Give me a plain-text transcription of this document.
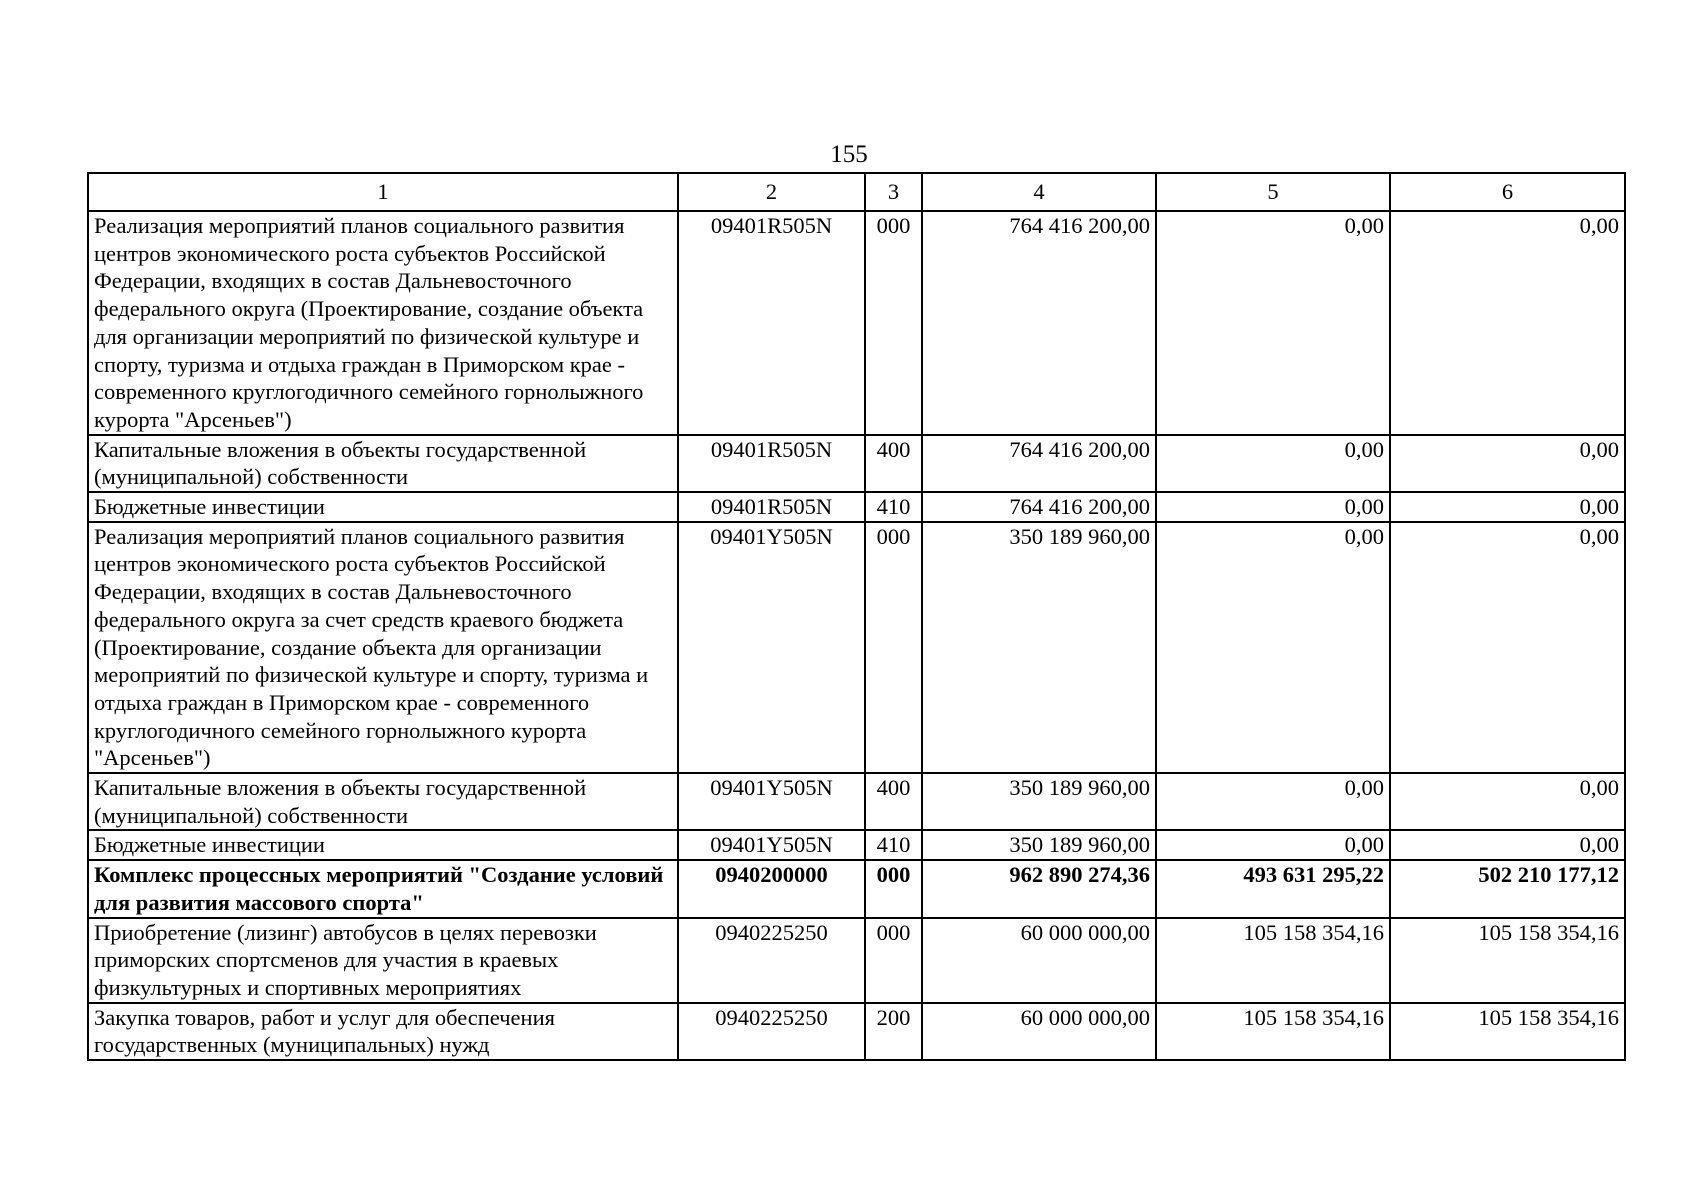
155
1	2	3	4	5	6
Реализация мероприятий планов социального развития центров экономического роста субъектов Российской Федерации, входящих в состав Дальневосточного федерального округа (Проектирование, создание объекта для организации мероприятий по физической культуре и спорту, туризма и отдыха граждан в Приморском крае - современного круглогодичного семейного горнолыжного курорта "Арсеньев")	09401R505N	000	764 416 200,00	0,00	0,00
Капитальные вложения в объекты государственной (муниципальной) собственности	09401R505N	400	764 416 200,00	0,00	0,00
Бюджетные инвестиции	09401R505N	410	764 416 200,00	0,00	0,00
Реализация мероприятий планов социального развития центров экономического роста субъектов Российской Федерации, входящих в состав Дальневосточного федерального округа за счет средств краевого бюджета (Проектирование, создание объекта для организации мероприятий по физической культуре и спорту, туризма и отдыха граждан в Приморском крае - современного круглогодичного семейного горнолыжного курорта "Арсеньев")	09401Y505N	000	350 189 960,00	0,00	0,00
Капитальные вложения в объекты государственной (муниципальной) собственности	09401Y505N	400	350 189 960,00	0,00	0,00
Бюджетные инвестиции	09401Y505N	410	350 189 960,00	0,00	0,00
Комплекс процессных мероприятий "Создание условий для развития массового спорта"	0940200000	000	962 890 274,36	493 631 295,22	502 210 177,12
Приобретение (лизинг) автобусов в целях перевозки приморских спортсменов для участия в краевых физкультурных и спортивных мероприятиях	0940225250	000	60 000 000,00	105 158 354,16	105 158 354,16
Закупка товаров, работ и услуг для обеспечения государственных (муниципальных) нужд	0940225250	200	60 000 000,00	105 158 354,16	105 158 354,16
